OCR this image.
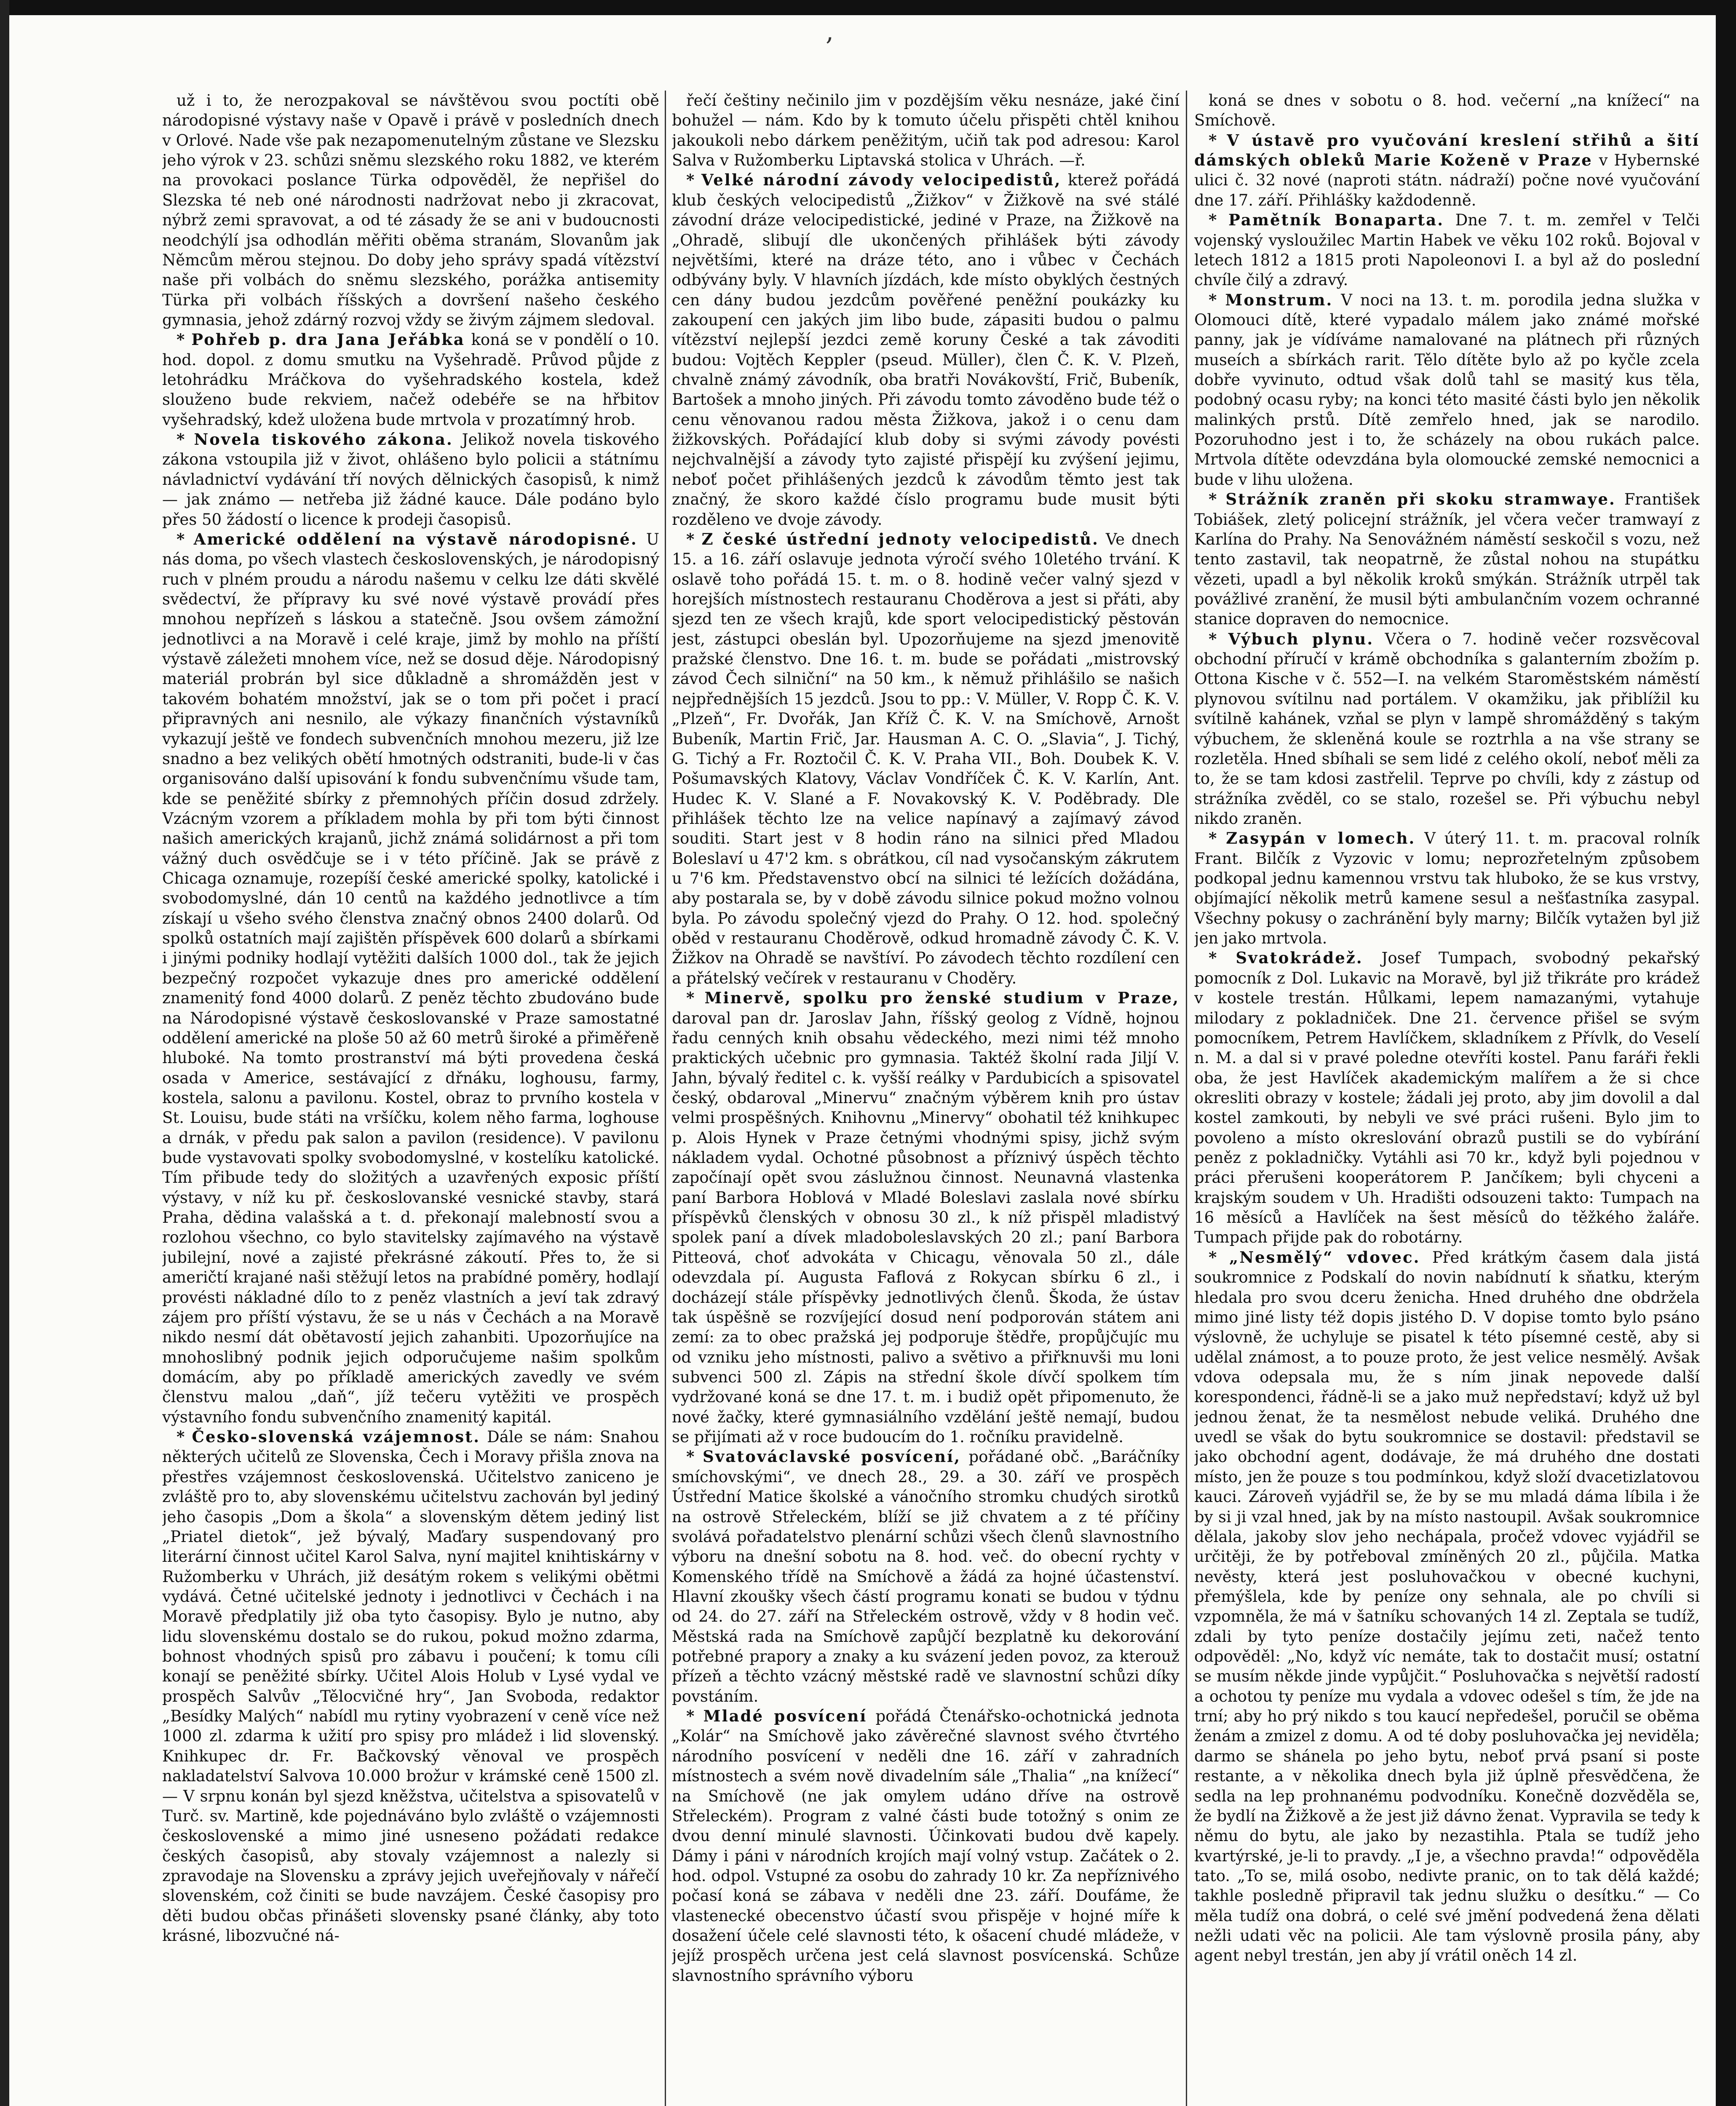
,

už i to, že nerozpakoval se návštěvou svou poctíti obě národopisné výstavy naše v Opavě i právě v posledních dnech v Orlové. Nade vše pak nezapomenutelným zůstane ve Slezsku jeho výrok v 23. schůzi sněmu slezského roku 1882, ve kterém na provokaci poslance Türka odpověděl, že nepřišel do Slezska té neb oné národnosti nadržovat nebo ji zkracovat, nýbrž zemi spravovat, a od té zásady že se ani v budoucnosti neodchýlí jsa odhodlán měřiti oběma stranám, Slovanům jak Němcům měrou stejnou. Do doby jeho správy spadá vítězství naše při volbách do sněmu slezského, porážka antisemity Türka při volbách říšských a dovršení našeho českého gymnasia, jehož zdárný rozvoj vždy se živým zájmem sledoval.

* Pohřeb p. dra Jana Jeřábka koná se v pondělí o 10. hod. dopol. z domu smutku na Vyšehradě. Průvod půjde z letohrádku Mráčkova do vyšehradského kostela, kdež slouženo bude rekviem, načež odebéře se na hřbitov vyšehradský, kdež uložena bude mrtvola v prozatímný hrob.

* Novela tiskového zákona. Jelikož novela tiskového zákona vstoupila již v život, ohlášeno bylo policii a státnímu návladnictví vydávání tří nových dělnických časopisů, k nimž — jak známo — netřeba již žádné kauce. Dále podáno bylo přes 50 žádostí o licence k prodeji časopisů.

* Americké oddělení na výstavě národopisné. U nás doma, po všech vlastech československých, je národopisný ruch v plném proudu a národu našemu v celku lze dáti skvělé svědectví, že přípravy ku své nové výstavě provádí přes mnohou nepřízeň s láskou a statečně. Jsou ovšem zámožní jednotlivci a na Moravě i celé kraje, jimž by mohlo na příští výstavě záležeti mnohem více, než se dosud děje. Národopisný materiál probrán byl sice důkladně a shromážděn jest v takovém bohatém množství, jak se o tom při počet i prací připravných ani nesnilo, ale výkazy finančních výstavníků vykazují ještě ve fondech subvenčních mnohou mezeru, již lze snadno a bez velikých obětí hmotných odstraniti, bude-li v čas organisováno další upisování k fondu subvenčnímu všude tam, kde se peněžité sbírky z přemnohých příčin dosud zdržely. Vzácným vzorem a příkladem mohla by při tom býti činnost našich amerických krajanů, jichž známá solidárnost a při tom vážný duch osvědčuje se i v této příčině. Jak se právě z Chicaga oznamuje, rozepíší české americké spolky, katolické i svobodomyslné, dán 10 centů na každého jednotlivce a tím získají u všeho svého členstva značný obnos 2400 dolarů. Od spolků ostatních mají zajištěn příspěvek 600 dolarů a sbírkami i jinými podniky hodlají vytěžiti dalších 1000 dol., tak že jejich bezpečný rozpočet vykazuje dnes pro americké oddělení znamenitý fond 4000 dolarů. Z peněz těchto zbudováno bude na Národopisné výstavě českoslovanské v Praze samostatné oddělení americké na ploše 50 až 60 metrů široké a přiměřeně hluboké. Na tomto prostranství má býti provedena česká osada v Americe, sestávající z dřnáku, loghousu, farmy, kostela, salonu a pavilonu. Kostel, obraz to prvního kostela v St. Louisu, bude státi na vršíčku, kolem něho farma, loghouse a drnák, v předu pak salon a pavilon (residence). V pavilonu bude vystavovati spolky svobodomyslné, v kostelíku katolické. Tím přibude tedy do složitých a uzavřených exposic příští výstavy, v níž ku př. českoslovanské vesnické stavby, stará Praha, dědina valašská a t. d. překonají malebností svou a rozlohou všechno, co bylo stavitelsky zajímavého na výstavě jubilejní, nové a zajisté překrásné zákoutí. Přes to, že si američtí krajané naši stěžují letos na prabídné poměry, hodlají provésti nákladné dílo to z peněz vlastních a jeví tak zdravý zájem pro příští výstavu, že se u nás v Čechách a na Moravě nikdo nesmí dát obětavostí jejich zahanbiti. Upozorňujíce na mnohoslibný podnik jejich odporučujeme našim spolkům domácím, aby po příkladě amerických zavedly ve svém členstvu malou „daň“, jíž tečeru vytěžiti ve prospěch výstavního fondu subvenčního znamenitý kapitál.

* Česko-slovenská vzájemnost. Dále se nám: Snahou některých učitelů ze Slovenska, Čech i Moravy přišla znova na přestřes vzájemnost československá. Učitelstvo zaniceno je zvláště pro to, aby slovenskému učitelstvu zachován byl jediný jeho časopis „Dom a škola“ a slovenským dětem jediný list „Priatel dietok“, jež bývalý, Maďary suspendovaný pro literární činnost učitel Karol Salva, nyní majitel knihtiskárny v Ružomberku v Uhrách, již desátým rokem s velikými obětmi vydává. Četné učitelské jednoty i jednotlivci v Čechách i na Moravě předplatily již oba tyto časopisy. Bylo je nutno, aby lidu slovenskému dostalo se do rukou, pokud možno zdarma, bohnost vhodných spisů pro zábavu i poučení; k tomu cíli konají se peněžité sbírky. Učitel Alois Holub v Lysé vydal ve prospěch Salvův „Tělocvičné hry“, Jan Svoboda, redaktor „Besídky Malých“ nabídl mu rytiny vyobrazení v ceně více než 1000 zl. zdarma k užití pro spisy pro mládež i lid slovenský. Knihkupec dr. Fr. Bačkovský věnoval ve prospěch nakladatelství Salvova 10.000 brožur v krámské ceně 1500 zl. — V srpnu konán byl sjezd kněžstva, učitelstva a spisovatelů v Turč. sv. Martině, kde pojednáváno bylo zvláště o vzájemnosti československé a mimo jiné usneseno požádati redakce českých časopisů, aby stovaly vzájemnost a nalezly si zpravodaje na Slovensku a zprávy jejich uveřejňovaly v nářečí slovenském, což činiti se bude navzájem. České časopisy pro děti budou občas přinášeti slovensky psané články, aby toto krásné, libozvučné ná-

řečí češtiny nečinilo jim v pozdějším věku nesnáze, jaké činí bohužel — nám. Kdo by k tomuto účelu přispěti chtěl knihou jakoukoli nebo dárkem peněžitým, učiň tak pod adresou: Karol Salva v Ružomberku Liptavská stolica v Uhrách. —ř.

* Velké národní závody velocipedistů, kterež pořádá klub českých velocipedistů „Žižkov“ v Žižkově na své stálé závodní dráze velocipedistické, jediné v Praze, na Žižkově na „Ohradě, slibují dle ukončených přihlášek býti závody největšími, které na dráze této, ano i vůbec v Čechách odbývány byly. V hlavních jízdách, kde místo obyklých čestných cen dány budou jezdcům pověřené peněžní poukázky ku zakoupení cen jakých jim libo bude, zápasiti budou o palmu vítězství nejlepší jezdci země koruny České a tak závoditi budou: Vojtěch Keppler (pseud. Müller), člen Č. K. V. Plzeň, chvalně známý závodník, oba bratři Novákovští, Frič, Bubeník, Bartošek a mnoho jiných. Při závodu tomto závoděno bude též o cenu věnovanou radou města Žižkova, jakož i o cenu dam žižkovských. Pořádající klub doby si svými závody povésti nejchvalnější a závody tyto zajisté přispějí ku zvýšení jejimu, neboť počet přihlášených jezdců k závodům těmto jest tak značný, že skoro každé číslo programu bude musit býti rozděleno ve dvoje závody.

* Z české ústřední jednoty velocipedistů. Ve dnech 15. a 16. září oslavuje jednota výročí svého 10letého trvání. K oslavě toho pořádá 15. t. m. o 8. hodině večer valný sjezd v horejších místnostech restauranu Choděrova a jest si přáti, aby sjezd ten ze všech krajů, kde sport velocipedistický pěstován jest, zástupci obeslán byl. Upozorňujeme na sjezd jmenovitě pražské členstvo. Dne 16. t. m. bude se pořádati „mistrovský závod Čech silniční“ na 50 km., k němuž přihlášilo se našich nejpřednějších 15 jezdců. Jsou to pp.: V. Müller, V. Ropp Č. K. V. „Plzeň“, Fr. Dvořák, Jan Kříž Č. K. V. na Smíchově, Arnošt Bubeník, Martin Frič, Jar. Hausman A. C. O. „Slavia“, J. Tichý, G. Tichý a Fr. Roztočil Č. K. V. Praha VII., Boh. Doubek K. V. Pošumavských Klatovy, Václav Vondříček Č. K. V. Karlín, Ant. Hudec K. V. Slané a F. Novakovský K. V. Poděbrady. Dle přihlášek těchto lze na velice napínavý a zajímavý závod souditi. Start jest v 8 hodin ráno na silnici před Mladou Boleslaví u 47'2 km. s obrátkou, cíl nad vysočanským zákrutem u 7'6 km. Představenstvo obcí na silnici té ležících dožádána, aby postarala se, by v době závodu silnice pokud možno volnou byla. Po závodu společný vjezd do Prahy. O 12. hod. společný oběd v restauranu Choděrově, odkud hromadně závody Č. K. V. Žižkov na Ohradě se navštíví. Po závodech těchto rozdílení cen a přátelský večírek v restauranu v Choděry.

* Minervě, spolku pro ženské studium v Praze, daroval pan dr. Jaroslav Jahn, říšský geolog z Vídně, hojnou řadu cenných knih obsahu vědeckého, mezi nimi též mnoho praktických učebnic pro gymnasia. Taktéž školní rada Jiljí V. Jahn, bývalý ředitel c. k. vyšší reálky v Pardubicích a spisovatel český, obdaroval „Minervu“ značným výběrem knih pro ústav velmi prospěšných. Knihovnu „Minervy“ obohatil též knihkupec p. Alois Hynek v Praze četnými vhodnými spisy, jichž svým nákladem vydal. Ochotné působnost a příznivý úspěch těchto započínají opět svou záslužnou činnost. Neunavná vlastenka paní Barbora Hoblová v Mladé Boleslavi zaslala nové sbírku příspěvků členských v obnosu 30 zl., k níž přispěl mladistvý spolek paní a dívek mladoboleslavských 20 zl.; paní Barbora Pitteová, choť advokáta v Chicagu, věnovala 50 zl., dále odevzdala pí. Augusta Faflová z Rokycan sbírku 6 zl., i docházejí stále příspěvky jednotlivých členů. Škoda, že ústav tak úspěšně se rozvíjející dosud není podporován státem ani zemí: za to obec pražská jej podporuje štědře, propůjčujíc mu od vzniku jeho místnosti, palivo a světivo a přiřknuvši mu loni subvenci 500 zl. Zápis na střední škole dívčí spolkem tím vydržované koná se dne 17. t. m. i budiž opět připomenuto, že nové žačky, které gymnasiálního vzdělání ještě nemají, budou se přijímati až v roce budoucím do 1. ročníku pravidelně.

* Svatováclavské posvícení, pořádané obč. „Baráčníky smíchovskými“, ve dnech 28., 29. a 30. září ve prospěch Ústřední Matice školské a vánočního stromku chudých sirotků na ostrově Střeleckém, blíží se již chvatem a z té příčiny svolává pořadatelstvo plenární schůzi všech členů slavnostního výboru na dnešní sobotu na 8. hod. več. do obecní rychty v Komenského třídě na Smíchově a žádá za hojné účastenství. Hlavní zkoušky všech částí programu konati se budou v týdnu od 24. do 27. září na Střeleckém ostrově, vždy v 8 hodin več. Městská rada na Smíchově zapůjčí bezplatně ku dekorování potřebné prapory a znaky a ku svázení jeden povoz, za kterouž přízeň a těchto vzácný městské radě ve slavnostní schůzi díky povstáním.

* Mladé posvícení pořádá Čtenářsko-ochotnická jednota „Kolár“ na Smíchově jako závěrečné slavnost svého čtvrtého národního posvícení v neděli dne 16. září v zahradních místnostech a svém nově divadelním sále „Thalia“ „na knížecí“ na Smíchově (ne jak omylem udáno dříve na ostrově Střeleckém). Program z valné části bude totožný s onim ze dvou denní minulé slavnosti. Účinkovati budou dvě kapely. Dámy i páni v národních krojích mají volný vstup. Začátek o 2. hod. odpol. Vstupné za osobu do zahrady 10 kr. Za nepříznivého počasí koná se zábava v neděli dne 23. září. Doufáme, že vlastenecké obecenstvo účastí svou přispěje v hojné míře k dosažení účele celé slavnosti této, k ošacení chudé mládeže, v jejíž prospěch určena jest celá slavnost posvícenská. Schůze slavnostního správního výboru

koná se dnes v sobotu o 8. hod. večerní „na knížecí“ na Smíchově.

* V ústavě pro vyučování kreslení střihů a šití dámských obleků Marie Koženě v Praze v Hybernské ulici č. 32 nové (naproti státn. nádraží) počne nové vyučování dne 17. září. Přihlášky každodenně.

* Pamětník Bonaparta. Dne 7. t. m. zemřel v Telči vojenský vysloužilec Martin Habek ve věku 102 roků. Bojoval v letech 1812 a 1815 proti Napoleonovi I. a byl až do poslední chvíle čilý a zdravý.

* Monstrum. V noci na 13. t. m. porodila jedna služka v Olomouci dítě, které vypadalo málem jako známé mořské panny, jak je vídíváme namalované na plátnech při různých museích a sbírkách rarit. Tělo dítěte bylo až po kyčle zcela dobře vyvinuto, odtud však dolů tahl se masitý kus těla, podobný ocasu ryby; na konci této masité části bylo jen několik malinkých prstů. Dítě zemřelo hned, jak se narodilo. Pozoruhodno jest i to, že scházely na obou rukách palce. Mrtvola dítěte odevzdána byla olomoucké zemské nemocnici a bude v lihu uložena.

* Strážník zraněn při skoku stramwaye. František Tobiášek, zletý policejní strážník, jel včera večer tramwayí z Karlína do Prahy. Na Senovážném náměstí seskočil s vozu, než tento zastavil, tak neopatrně, že zůstal nohou na stupátku vězeti, upadl a byl několik kroků smýkán. Strážník utrpěl tak povážlivé zranění, že musil býti ambulančním vozem ochranné stanice dopraven do nemocnice.

* Výbuch plynu. Včera o 7. hodině večer rozsvěcoval obchodní příručí v krámě obchodníka s galanterním zbožím p. Ottona Kische v č. 552—I. na velkém Staroměstském náměstí plynovou svítilnu nad portálem. V okamžiku, jak přiblížil ku svítilně kahánek, vzňal se plyn v lampě shromážděný s takým výbuchem, že skleněná koule se roztrhla a na vše strany se rozletěla. Hned sbíhali se sem lidé z celého okolí, neboť měli za to, že se tam kdosi zastřelil. Teprve po chvíli, kdy z zástup od strážníka zvěděl, co se stalo, rozešel se. Při výbuchu nebyl nikdo zraněn.

* Zasypán v lomech. V úterý 11. t. m. pracoval rolník Frant. Bilčík z Vyzovic v lomu; neprozřetelným způsobem podkopal jednu kamennou vrstvu tak hluboko, že se kus vrstvy, objímající několik metrů kamene sesul a nešťastníka zasypal. Všechny pokusy o zachránění byly marny; Bilčík vytažen byl již jen jako mrtvola.

* Svatokrádež. Josef Tumpach, svobodný pekařský pomocník z Dol. Lukavic na Moravě, byl již třikráte pro krádež v kostele trestán. Hůlkami, lepem namazanými, vytahuje milodary z pokladniček. Dne 21. července přišel se svým pomocníkem, Petrem Havlíčkem, skladníkem z Přívlk, do Veselí n. M. a dal si v pravé poledne otevříti kostel. Panu faráři řekli oba, že jest Havlíček akademickým malířem a že si chce okresliti obrazy v kostele; žádali jej proto, aby jim dovolil a dal kostel zamkouti, by nebyli ve své práci rušeni. Bylo jim to povoleno a místo okreslování obrazů pustili se do vybírání peněz z pokladničky. Vytáhli asi 70 kr., když byli pojednou v práci přerušeni kooperátorem P. Jančíkem; byli chyceni a krajským soudem v Uh. Hradišti odsouzeni takto: Tumpach na 16 měsíců a Havlíček na šest měsíců do těžkého žaláře. Tumpach přijde pak do robotárny.

* „Nesmělý“ vdovec. Před krátkým časem dala jistá soukromnice z Podskalí do novin nabídnutí k sňatku, kterým hledala pro svou dceru ženicha. Hned druhého dne obdržela mimo jiné listy též dopis jistého D. V dopise tomto bylo psáno výslovně, že uchyluje se pisatel k této písemné cestě, aby si udělal známost, a to pouze proto, že jest velice nesmělý. Avšak vdova odepsala mu, že s ním jinak nepovede další korespondenci, řádně-li se a jako muž nepředstaví; když už byl jednou ženat, že ta nesmělost nebude veliká. Druhého dne uvedl se však do bytu soukromnice se dostavil: představil se jako obchodní agent, dodávaje, že má druhého dne dostati místo, jen že pouze s tou podmínkou, když složí dvacetizlatovou kauci. Zároveň vyjádřil se, že by se mu mladá dáma líbila i že by si ji vzal hned, jak by na místo nastoupil. Avšak soukromnice dělala, jakoby slov jeho nechápala, pročež vdovec vyjádřil se určitěji, že by potřeboval zmíněných 20 zl., půjčila. Matka nevěsty, která jest posluhovačkou v obecné kuchyni, přemýšlela, kde by peníze ony sehnala, ale po chvíli si vzpomněla, že má v šatníku schovaných 14 zl. Zeptala se tudíž, zdali by tyto peníze dostačily jejímu zeti, načež tento odpověděl: „No, když víc nemáte, tak to dostačit musí; ostatní se musím někde jinde vypůjčit.“ Posluhovačka s největší radostí a ochotou ty peníze mu vydala a vdovec odešel s tím, že jde na trní; aby ho prý nikdo s tou kaucí nepředešel, poručil se oběma ženám a zmizel z domu. A od té doby posluhovačka jej neviděla; darmo se shánela po jeho bytu, neboť prvá psaní si poste restante, a v několika dnech byla již úplně přesvědčena, že sedla na lep prohnanému podvodníku. Konečně dozvěděla se, že bydlí na Žižkově a že jest již dávno ženat. Vypravila se tedy k němu do bytu, ale jako by nezastihla. Ptala se tudíž jeho kvartýrské, je-li to pravdy. „I je, a všechno pravda!“ odpověděla tato. „To se, milá osobo, nedivte pranic, on to tak dělá každé; takhle posledně připravil tak jednu služku o desítku.“ — Co měla tudíž ona dobrá, o celé své jmění podvedená žena dělati nežli udati věc na policii. Ale tam výslovně prosila pány, aby agent nebyl trestán, jen aby jí vrátil oněch 14 zl.
